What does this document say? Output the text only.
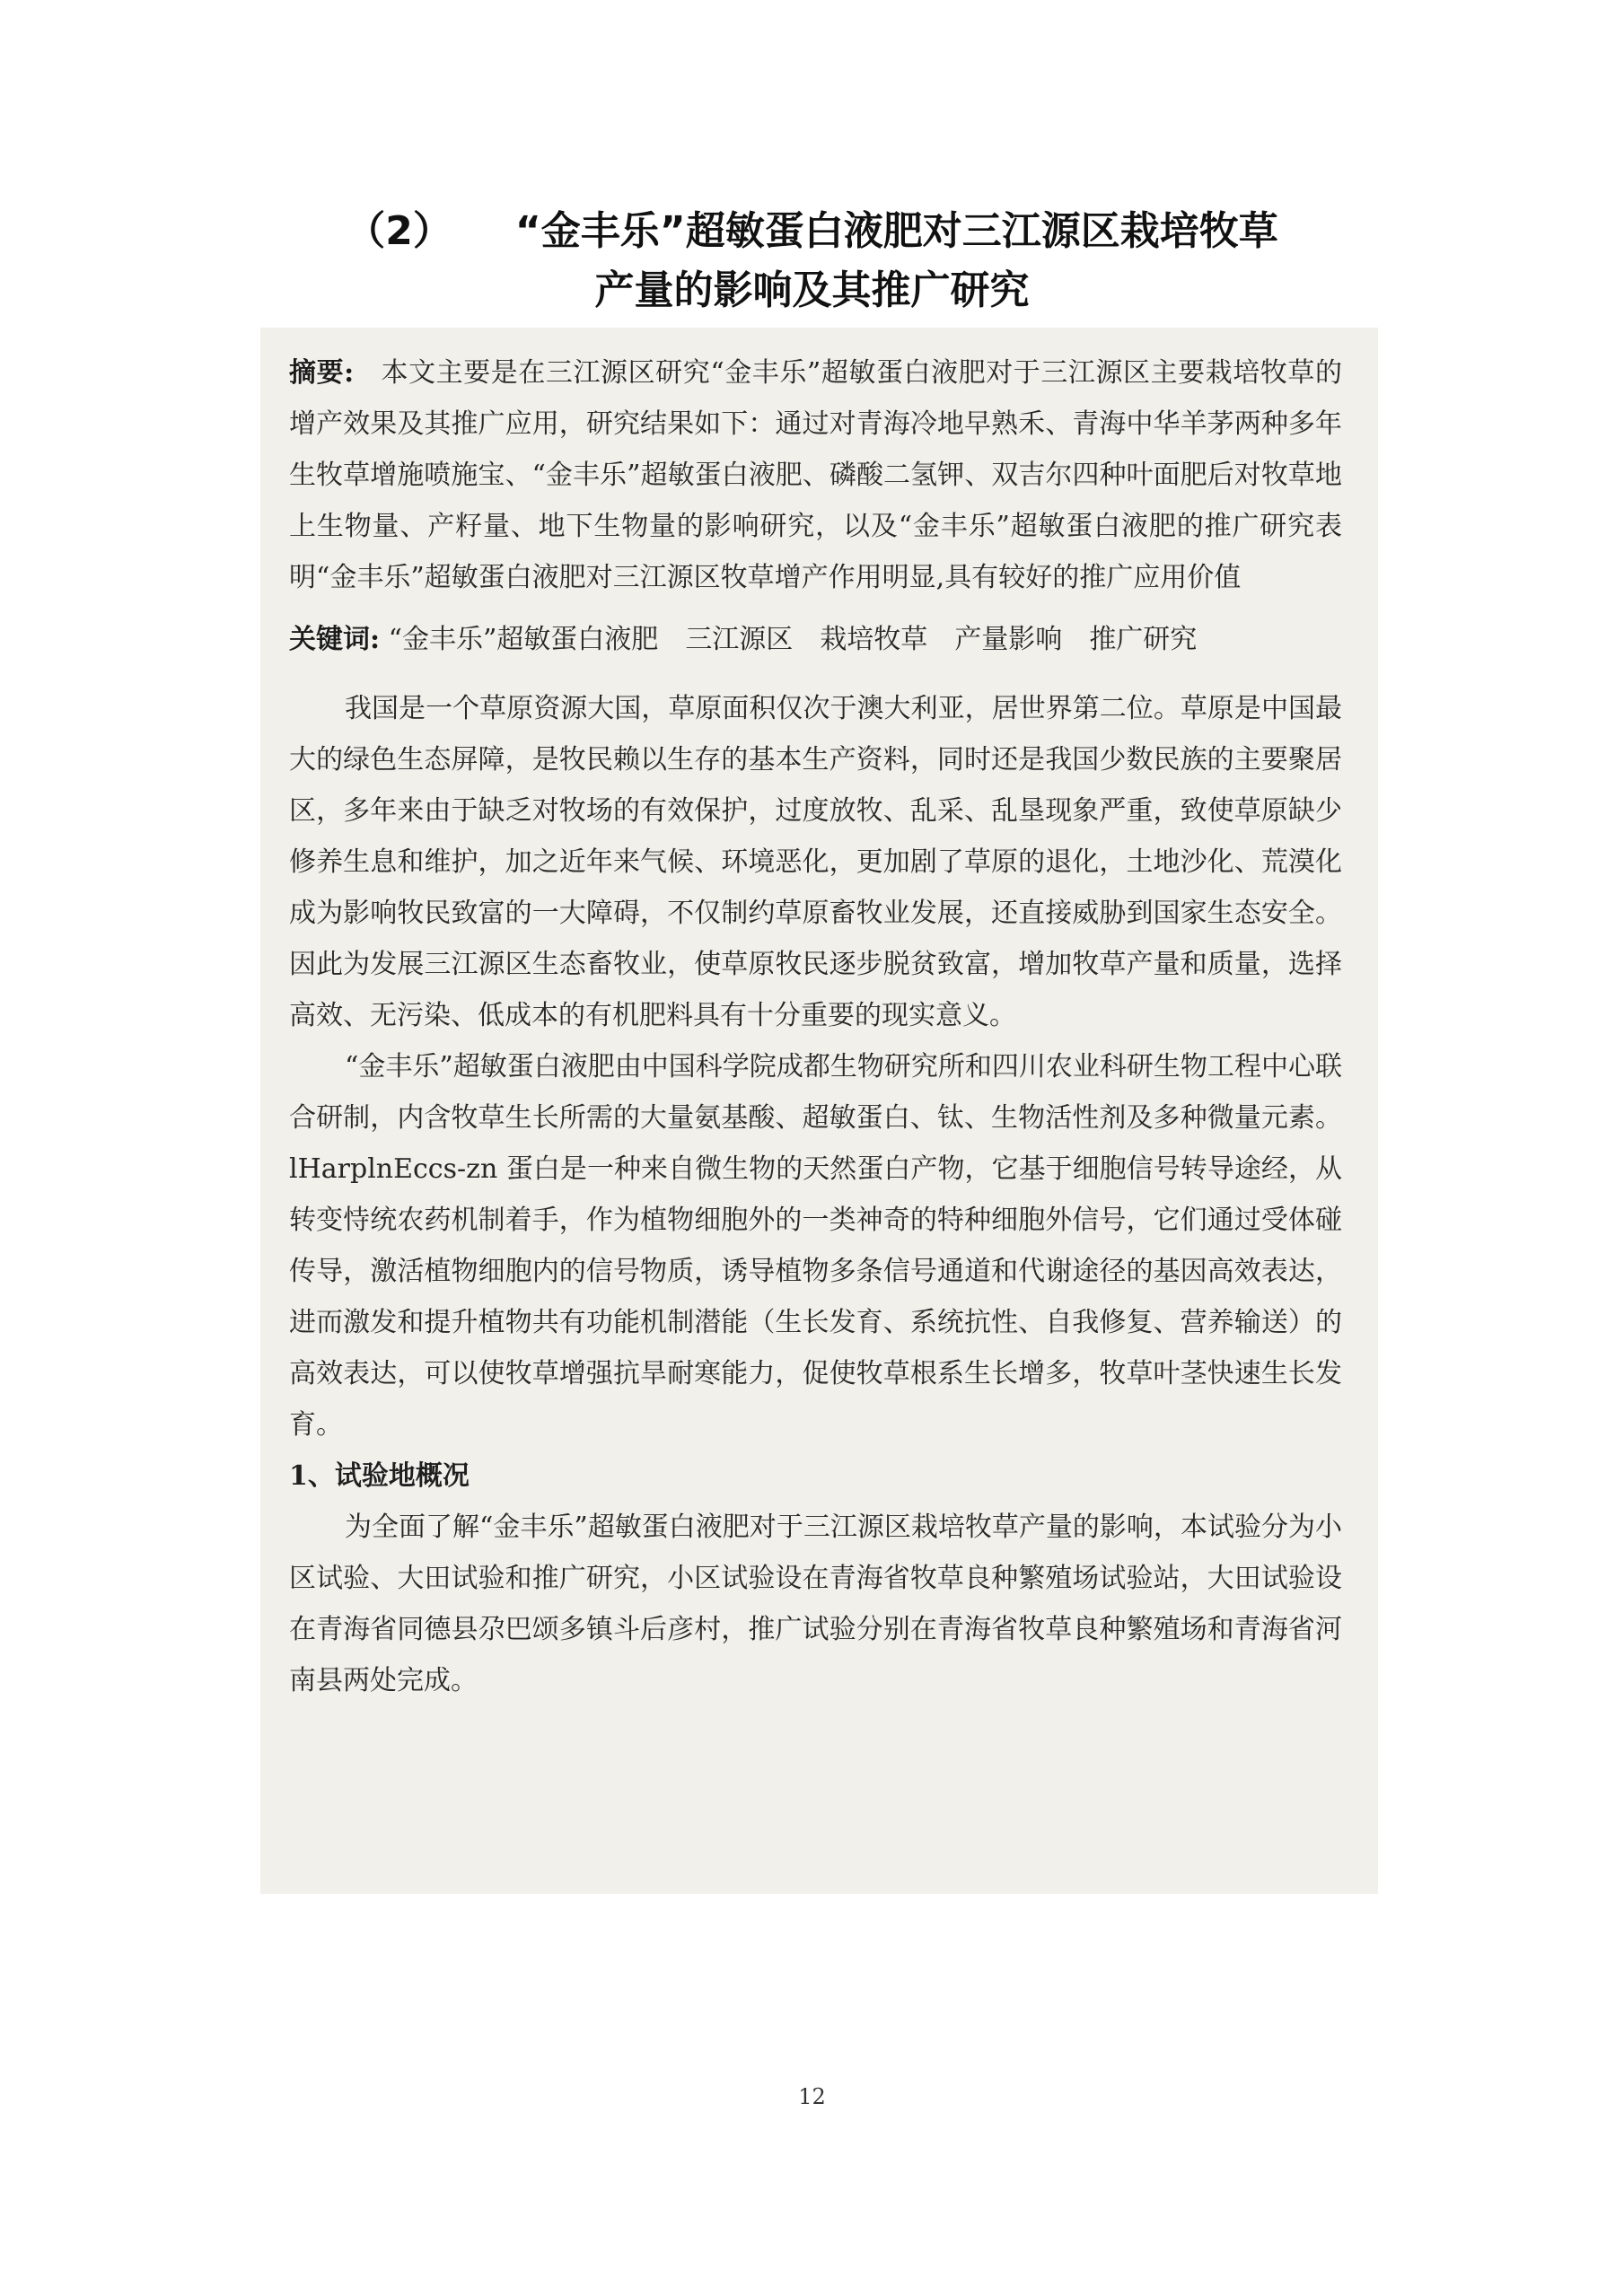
（2） “金丰乐”超敏蛋白液肥对三江源区栽培牧草
产量的影响及其推广研究

摘要: 本文主要是在三江源区研究“金丰乐”超敏蛋白液肥对于三江源区主要栽培牧草的增产效果及其推广应用，研究结果如下：通过对青海冷地早熟禾、青海中华羊茅两种多年生牧草增施喷施宝、“金丰乐”超敏蛋白液肥、磷酸二氢钾、双吉尔四种叶面肥后对牧草地上生物量、产籽量、地下生物量的影响研究，以及“金丰乐”超敏蛋白液肥的推广研究表明“金丰乐”超敏蛋白液肥对三江源区牧草增产作用明显,具有较好的推广应用价值

关键词: “金丰乐”超敏蛋白液肥 三江源区 栽培牧草 产量影响 推广研究

我国是一个草原资源大国，草原面积仅次于澳大利亚，居世界第二位。草原是中国最大的绿色生态屏障，是牧民赖以生存的基本生产资料，同时还是我国少数民族的主要聚居区，多年来由于缺乏对牧场的有效保护，过度放牧、乱采、乱垦现象严重，致使草原缺少修养生息和维护，加之近年来气候、环境恶化，更加剧了草原的退化，土地沙化、荒漠化成为影响牧民致富的一大障碍，不仅制约草原畜牧业发展，还直接威胁到国家生态安全。因此为发展三江源区生态畜牧业，使草原牧民逐步脱贫致富，增加牧草产量和质量，选择高效、无污染、低成本的有机肥料具有十分重要的现实意义。

“金丰乐”超敏蛋白液肥由中国科学院成都生物研究所和四川农业科研生物工程中心联合研制，内含牧草生长所需的大量氨基酸、超敏蛋白、钛、生物活性剂及多种微量元素。lHarplnEccs-zn 蛋白是一种来自微生物的天然蛋白产物，它基于细胞信号转导途经，从转变恃统农药机制着手，作为植物细胞外的一类神奇的特种细胞外信号，它们通过受体碰传导，激活植物细胞内的信号物质，诱导植物多条信号通道和代谢途径的基因高效表达，进而激发和提升植物共有功能机制潜能（生长发育、系统抗性、自我修复、营养输送）的高效表达，可以使牧草增强抗旱耐寒能力，促使牧草根系生长增多，牧草叶茎快速生长发育。

1、试验地概况

为全面了解“金丰乐”超敏蛋白液肥对于三江源区栽培牧草产量的影响，本试验分为小区试验、大田试验和推广研究，小区试验设在青海省牧草良种繁殖场试验站，大田试验设在青海省同德县尕巴颂多镇斗后彦村，推广试验分别在青海省牧草良种繁殖场和青海省河南县两处完成。

12
